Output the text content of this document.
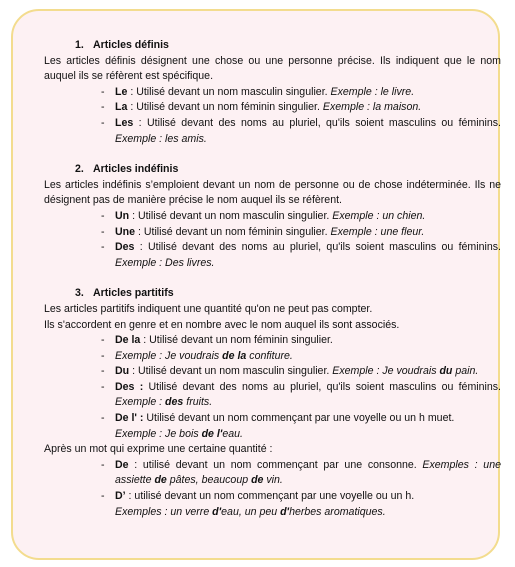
1. Articles définis
Les articles définis désignent une chose ou une personne précise. Ils indiquent que le nom auquel ils se réfèrent est spécifique.
- Le : Utilisé devant un nom masculin singulier. Exemple : le livre.
- La : Utilisé devant un nom féminin singulier. Exemple : la maison.
- Les : Utilisé devant des noms au pluriel, qu'ils soient masculins ou féminins. Exemple : les amis.
2. Articles indéfinis
Les articles indéfinis s’emploient devant un nom de personne ou de chose indéterminée. Ils ne désignent pas de manière précise le nom auquel ils se réfèrent.
- Un : Utilisé devant un nom masculin singulier. Exemple : un chien.
- Une : Utilisé devant un nom féminin singulier. Exemple : une fleur.
- Des : Utilisé devant des noms au pluriel, qu'ils soient masculins ou féminins. Exemple : Des livres.
3. Articles partitifs
Les articles partitifs indiquent une quantité qu'on ne peut pas compter.
Ils s'accordent en genre et en nombre avec le nom auquel ils sont associés.
- De la : Utilisé devant un nom féminin singulier.
- Exemple : Je voudrais de la confiture.
- Du : Utilisé devant un nom masculin singulier. Exemple : Je voudrais du pain.
- Des : Utilisé devant des noms au pluriel, qu'ils soient masculins ou féminins. Exemple : des fruits.
- De l' : Utilisé devant un nom commençant par une voyelle ou un h muet.
Exemple : Je bois de l'eau.
Après un mot qui exprime une certaine quantité :
- De : utilisé devant un nom commençant par une consonne. Exemples : une assiette de pâtes, beaucoup de vin.
- D’ : utilisé devant un nom commençant par une voyelle ou un h.
Exemples : un verre d'eau, un peu d'herbes aromatiques.
